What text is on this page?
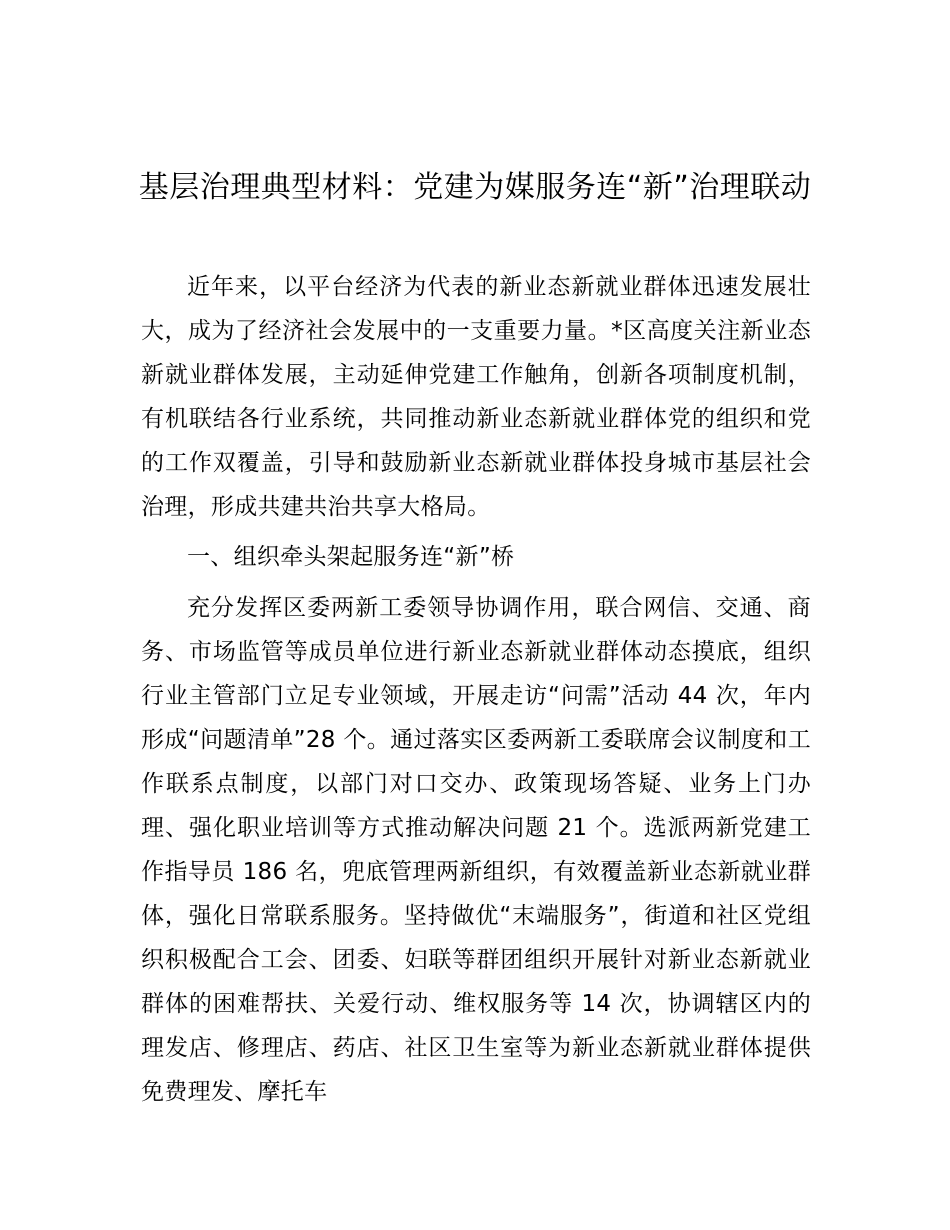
基层治理典型材料：党建为媒服务连“新”治理联动

近年来，以平台经济为代表的新业态新就业群体迅速发展壮大，成为了经济社会发展中的一支重要力量。*区高度关注新业态新就业群体发展，主动延伸党建工作触角，创新各项制度机制，有机联结各行业系统，共同推动新业态新就业群体党的组织和党的工作双覆盖，引导和鼓励新业态新就业群体投身城市基层社会治理，形成共建共治共享大格局。

一、组织牵头架起服务连“新”桥

充分发挥区委两新工委领导协调作用，联合网信、交通、商务、市场监管等成员单位进行新业态新就业群体动态摸底，组织行业主管部门立足专业领域，开展走访“问需”活动 44 次，年内形成“问题清单”28 个。通过落实区委两新工委联席会议制度和工作联系点制度，以部门对口交办、政策现场答疑、业务上门办理、强化职业培训等方式推动解决问题 21 个。选派两新党建工作指导员 186 名，兜底管理两新组织，有效覆盖新业态新就业群体，强化日常联系服务。坚持做优“末端服务”，街道和社区党组织积极配合工会、团委、妇联等群团组织开展针对新业态新就业群体的困难帮扶、关爱行动、维权服务等 14 次，协调辖区内的理发店、修理店、药店、社区卫生室等为新业态新就业群体提供免费理发、摩托车
